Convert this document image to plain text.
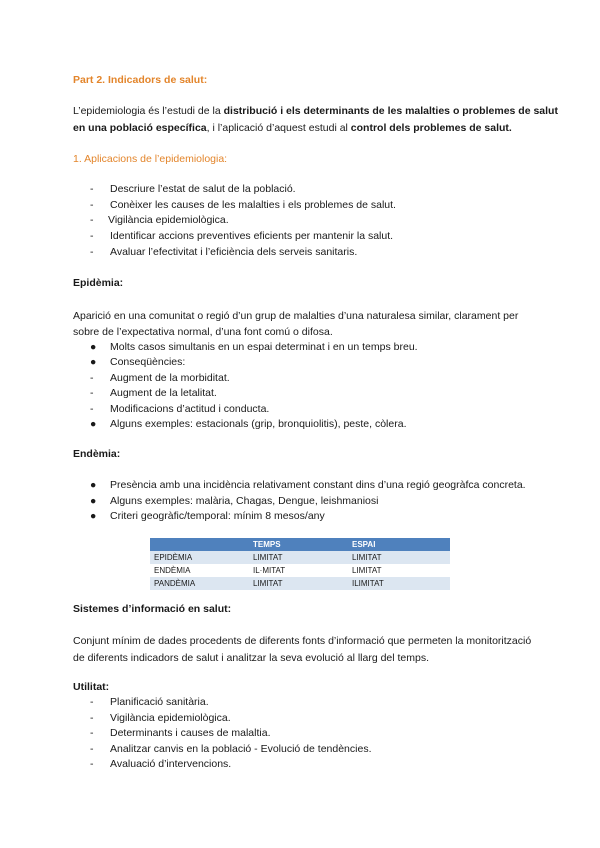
Part 2. Indicadors de salut:
L’epidemiologia és l’estudi de la distribució i els determinants de les malalties o problemes de salut
en una població específica, i l’aplicació d’aquest estudi al control dels problemes de salut.
1. Aplicacions de l’epidemiologia:
- Descriure l’estat de salut de la població.
- Conèixer les causes de les malalties i els problemes de salut.
- Vigilància epidemiològica.
- Identificar accions preventives eficients per mantenir la salut.
- Avaluar l’efectivitat i l’eficiència dels serveis sanitaris.
Epidèmia:
Aparició en una comunitat o regió d’un grup de malalties d’una naturalesa similar, clarament per
sobre de l’expectativa normal, d’una font comú o difosa.
● Molts casos simultanis en un espai determinat i en un temps breu.
● Conseqüències:
- Augment de la morbiditat.
- Augment de la letalitat.
- Modificacions d’actitud i conducta.
● Alguns exemples: estacionals (grip, bronquiolitis), peste, còlera.
Endèmia:
● Presència amb una incidència relativament constant dins d’una regió geogràfca concreta.
● Alguns exemples: malària, Chagas, Dengue, leishmaniosi
● Criteri geogràfic/temporal: mínim 8 mesos/any
	TEMPS	ESPAI
EPIDÈMIA	LIMITAT	LIMITAT
ENDÈMIA	IL·MITAT	LIMITAT
PANDÈMIA	LIMITAT	ILIMITAT
Sistemes d’informació en salut:
Conjunt mínim de dades procedents de diferents fonts d’informació que permeten la monitorització
de diferents indicadors de salut i analitzar la seva evolució al llarg del temps.
Utilitat:
- Planificació sanitària.
- Vigilància epidemiològica.
- Determinants i causes de malaltia.
- Analitzar canvis en la població - Evolució de tendències.
- Avaluació d’intervencions.
